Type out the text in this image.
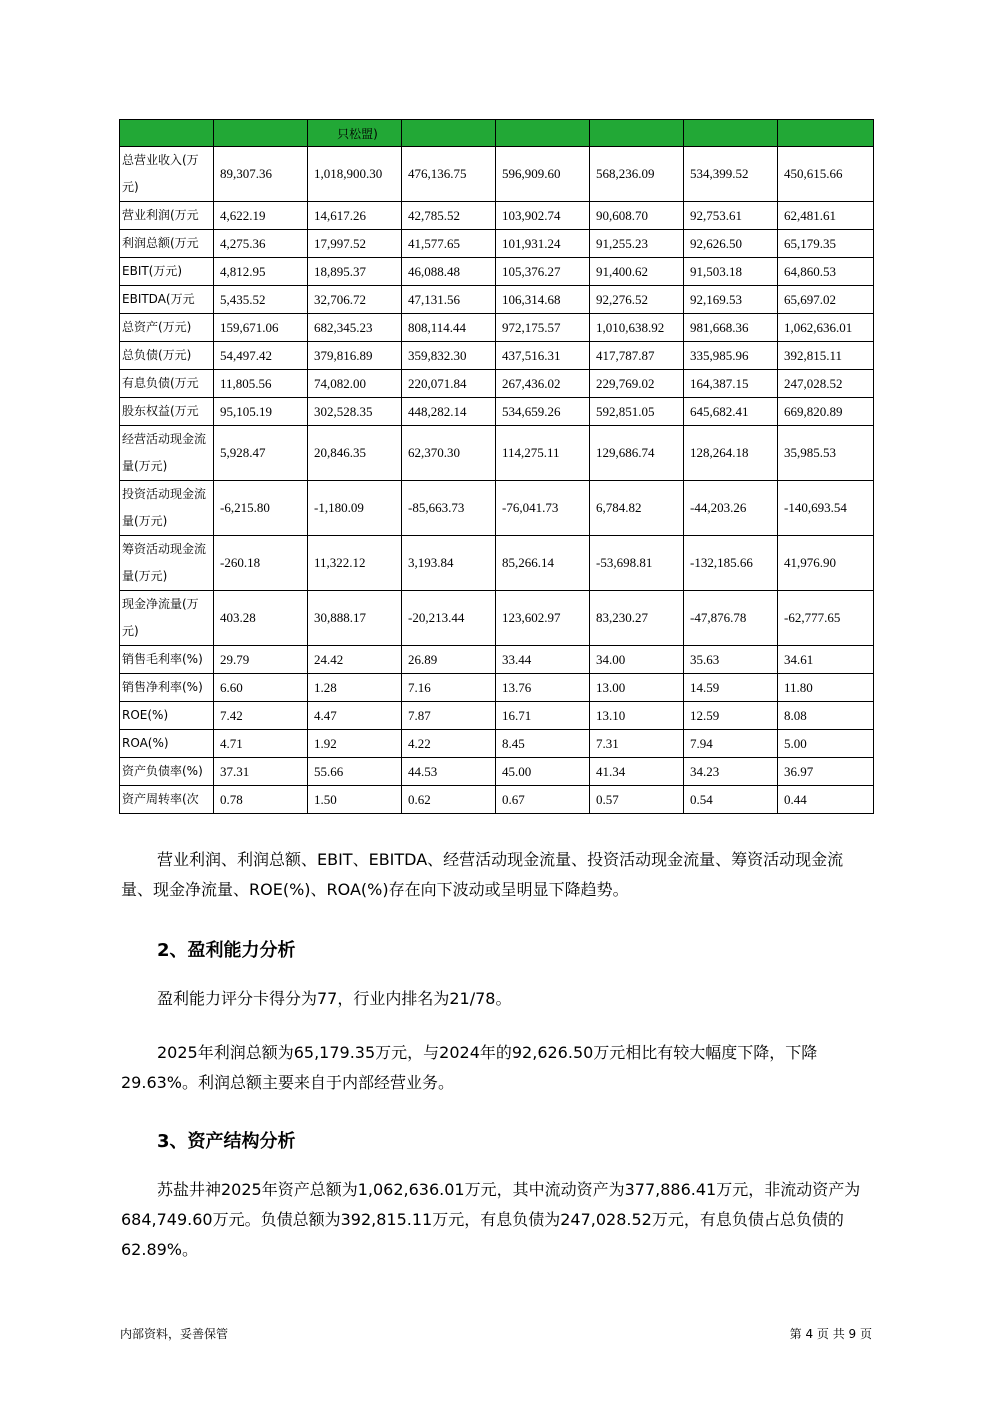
		只松盟)					
总营业收入(万元)	89,307.36	1,018,900.30	476,136.75	596,909.60	568,236.09	534,399.52	450,615.66
营业利润(万元	4,622.19	14,617.26	42,785.52	103,902.74	90,608.70	92,753.61	62,481.61
利润总额(万元	4,275.36	17,997.52	41,577.65	101,931.24	91,255.23	92,626.50	65,179.35
EBIT(万元)	4,812.95	18,895.37	46,088.48	105,376.27	91,400.62	91,503.18	64,860.53
EBITDA(万元	5,435.52	32,706.72	47,131.56	106,314.68	92,276.52	92,169.53	65,697.02
总资产(万元)	159,671.06	682,345.23	808,114.44	972,175.57	1,010,638.92	981,668.36	1,062,636.01
总负债(万元)	54,497.42	379,816.89	359,832.30	437,516.31	417,787.87	335,985.96	392,815.11
有息负债(万元	11,805.56	74,082.00	220,071.84	267,436.02	229,769.02	164,387.15	247,028.52
股东权益(万元	95,105.19	302,528.35	448,282.14	534,659.26	592,851.05	645,682.41	669,820.89
经营活动现金流量(万元)	5,928.47	20,846.35	62,370.30	114,275.11	129,686.74	128,264.18	35,985.53
投资活动现金流量(万元)	-6,215.80	-1,180.09	-85,663.73	-76,041.73	6,784.82	-44,203.26	-140,693.54
筹资活动现金流量(万元)	-260.18	11,322.12	3,193.84	85,266.14	-53,698.81	-132,185.66	41,976.90
现金净流量(万元)	403.28	30,888.17	-20,213.44	123,602.97	83,230.27	-47,876.78	-62,777.65
销售毛利率(%)	29.79	24.42	26.89	33.44	34.00	35.63	34.61
销售净利率(%)	6.60	1.28	7.16	13.76	13.00	14.59	11.80
ROE(%)	7.42	4.47	7.87	16.71	13.10	12.59	8.08
ROA(%)	4.71	1.92	4.22	8.45	7.31	7.94	5.00
资产负债率(%)	37.31	55.66	44.53	45.00	41.34	34.23	36.97
资产周转率(次	0.78	1.50	0.62	0.67	0.57	0.54	0.44

营业利润、利润总额、EBIT、EBITDA、经营活动现金流量、投资活动现金流量、筹资活动现金流量、现金净流量、ROE(%)、ROA(%)存在向下波动或呈明显下降趋势。

2、盈利能力分析

盈利能力评分卡得分为77，行业内排名为21/78。

2025年利润总额为65,179.35万元，与2024年的92,626.50万元相比有较大幅度下降，下降29.63%。利润总额主要来自于内部经营业务。

3、资产结构分析

苏盐井神2025年资产总额为1,062,636.01万元，其中流动资产为377,886.41万元，非流动资产为684,749.60万元。负债总额为392,815.11万元，有息负债为247,028.52万元，有息负债占总负债的62.89%。

内部资料，妥善保管	第 4 页 共 9 页
